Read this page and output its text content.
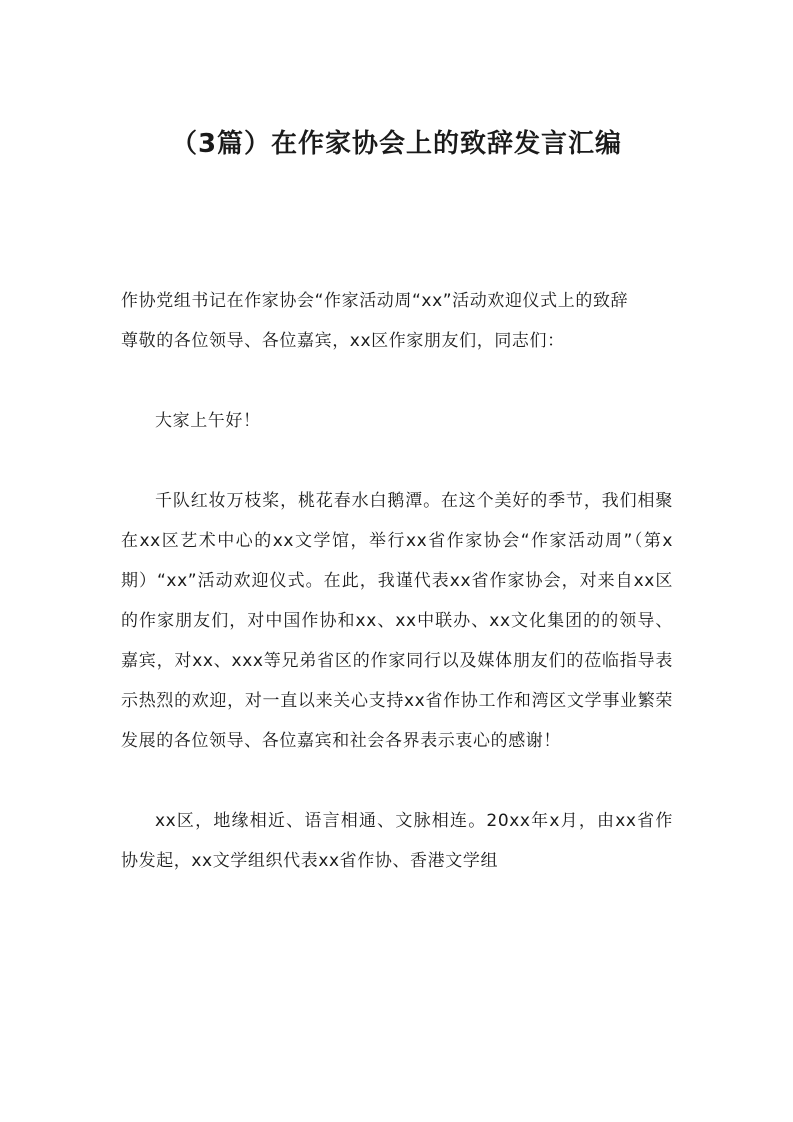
（3篇）在作家协会上的致辞发言汇编

作协党组书记在作家协会“作家活动周“xx”活动欢迎仪式上的致辞

尊敬的各位领导、各位嘉宾，xx区作家朋友们，同志们：

大家上午好！

千队红妆万枝桨，桃花春水白鹅潭。在这个美好的季节，我们相聚在xx区艺术中心的xx文学馆，举行xx省作家协会“作家活动周”（第x期）“xx”活动欢迎仪式。在此，我谨代表xx省作家协会，对来自xx区的作家朋友们，对中国作协和xx、xx中联办、xx文化集团的的领导、嘉宾，对xx、xxx等兄弟省区的作家同行以及媒体朋友们的莅临指导表示热烈的欢迎，对一直以来关心支持xx省作协工作和湾区文学事业繁荣发展的各位领导、各位嘉宾和社会各界表示衷心的感谢！

xx区，地缘相近、语言相通、文脉相连。20xx年x月，由xx省作协发起，xx文学组织代表xx省作协、香港文学组
